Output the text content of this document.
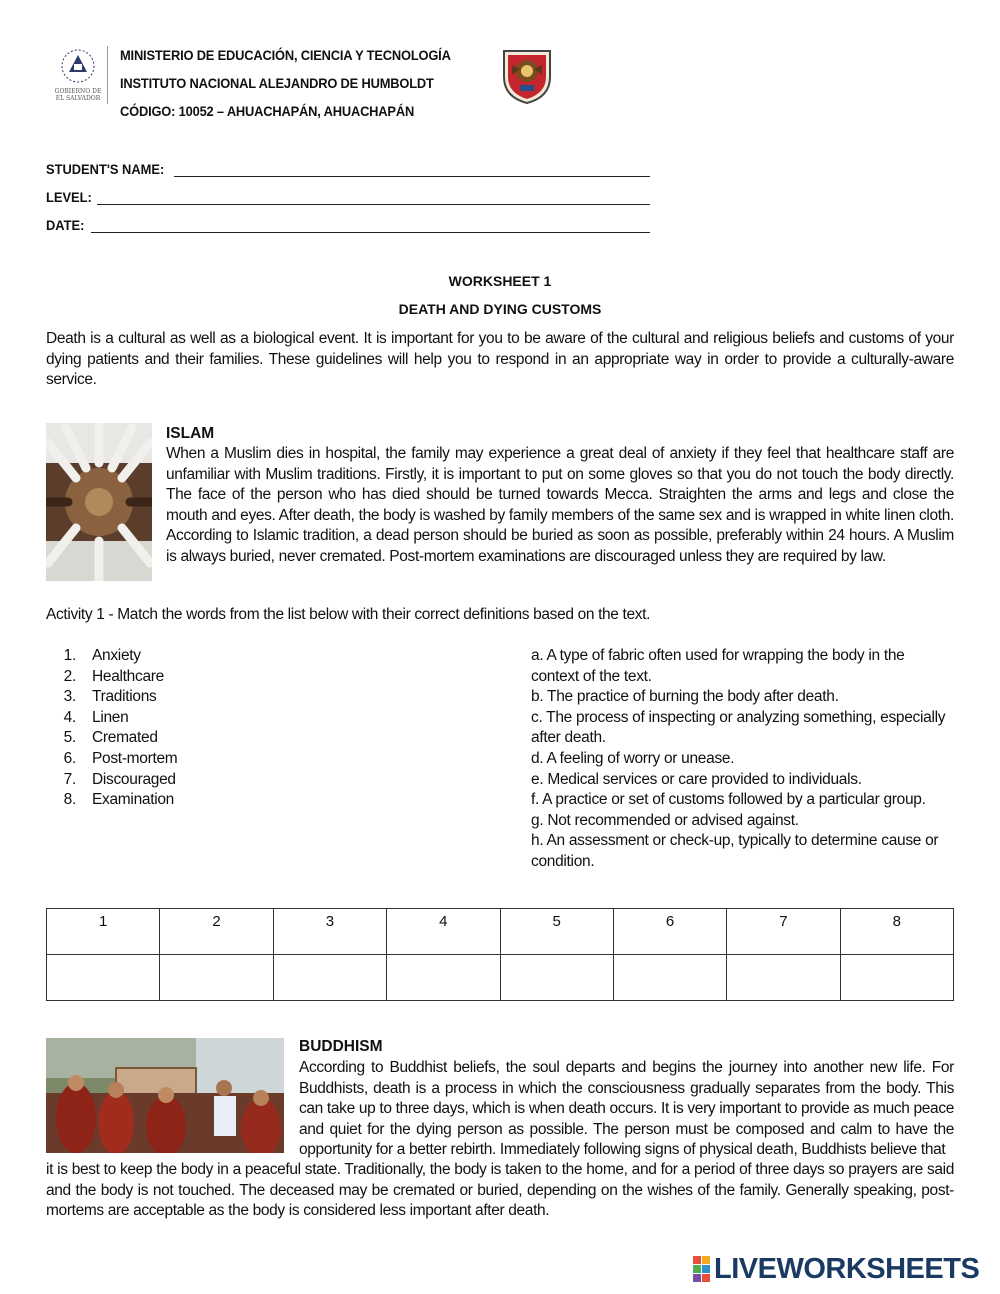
GOBIERNO DE
EL SALVADOR
MINISTERIO DE EDUCACIÓN, CIENCIA Y TECNOLOGÍA
INSTITUTO NACIONAL ALEJANDRO DE HUMBOLDT
CÓDIGO: 10052 – AHUACHAPÁN, AHUACHAPÁN
STUDENT'S NAME:
LEVEL:
DATE:
WORKSHEET 1
DEATH AND DYING CUSTOMS
Death is a cultural as well as a biological event. It is important for you to be aware of the cultural and religious beliefs and customs of your dying patients and their families. These guidelines will help you to respond in an appropriate way in order to provide a culturally-aware service.
ISLAM
When a Muslim dies in hospital, the family may experience a great deal of anxiety if they feel that healthcare staff are unfamiliar with Muslim traditions. Firstly, it is important to put on some gloves so that you do not touch the body directly. The face of the person who has died should be turned towards Mecca. Straighten the arms and legs and close the mouth and eyes. After death, the body is washed by family members of the same sex and is wrapped in white linen cloth. According to Islamic tradition, a dead person should be buried as soon as possible, preferably within 24 hours. A Muslim is always buried, never cremated. Post-mortem examinations are discouraged unless they are required by law.
Activity 1 - Match the words from the list below with their correct definitions based on the text.
1. Anxiety
2. Healthcare
3. Traditions
4. Linen
5. Cremated
6. Post-mortem
7. Discouraged
8. Examination
a. A type of fabric often used for wrapping the body in the
context of the text.
b. The practice of burning the body after death.
c. The process of inspecting or analyzing something, especially
after death.
d. A feeling of worry or unease.
e. Medical services or care provided to individuals.
f. A practice or set of customs followed by a particular group.
g. Not recommended or advised against.
h. An assessment or check-up, typically to determine cause or
condition.
1	2	3	4	5	6	7	8

BUDDHISM
According to Buddhist beliefs, the soul departs and begins the journey into another new life. For Buddhists, death is a process in which the consciousness gradually separates from the body. This can take up to three days, which is when death occurs. It is very important to provide as much peace and quiet for the dying person as possible. The person must be composed and calm to have the opportunity for a better rebirth. Immediately following signs of physical death, Buddhists believe that
it is best to keep the body in a peaceful state. Traditionally, the body is taken to the home, and for a period of three days so prayers are said and the body is not touched. The deceased may be cremated or buried, depending on the wishes of the family. Generally speaking, post-mortems are acceptable as the body is considered less important after death.
LIVEWORKSHEETS
